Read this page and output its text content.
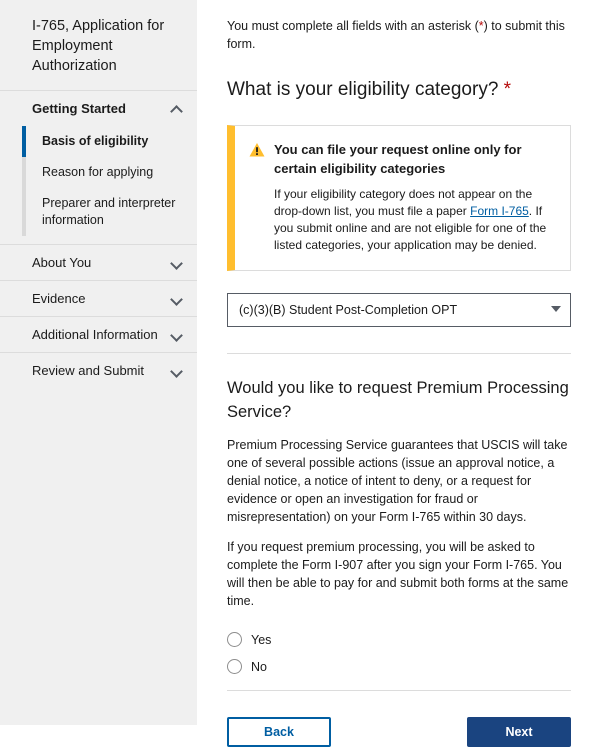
I-765, Application for Employment Authorization
Getting Started
Basis of eligibility
Reason for applying
Preparer and interpreter information
About You
Evidence
Additional Information
Review and Submit
You must complete all fields with an asterisk (*) to submit this form.
What is your eligibility category? *

You can file your request online only for certain eligibility categories

If your eligibility category does not appear on the drop-down list, you must file a paper Form I-765. If you submit online and are not eligible for one of the listed categories, your application may be denied.

(c)(3)(B) Student Post-Completion OPT
Would you like to request Premium Processing Service?

Premium Processing Service guarantees that USCIS will take one of several possible actions (issue an approval notice, a denial notice, a notice of intent to deny, or a request for evidence or open an investigation for fraud or misrepresentation) on your Form I-765 within 30 days.

If you request premium processing, you will be asked to complete the Form I-907 after you sign your Form I-765. You will then be able to pay for and submit both forms at the same time.

Yes
No
Back	Next
